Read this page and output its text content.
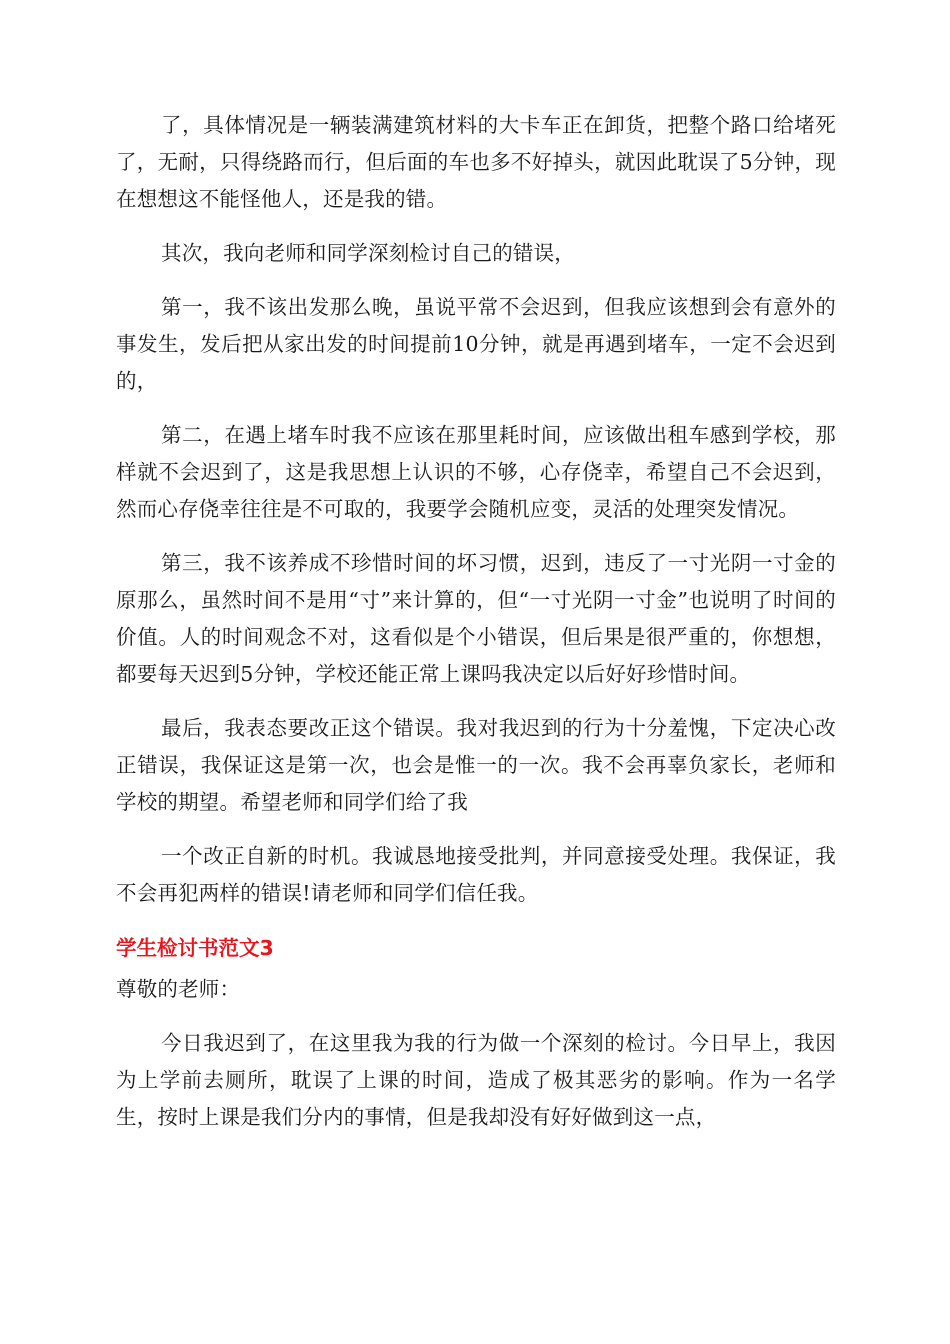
了，具体情况是一辆装满建筑材料的大卡车正在卸货，把整个路口给堵死了，无耐，只得绕路而行，但后面的车也多不好掉头，就因此耽误了5分钟，现在想想这不能怪他人，还是我的错。

其次，我向老师和同学深刻检讨自己的错误，

第一，我不该出发那么晚，虽说平常不会迟到，但我应该想到会有意外的事发生，发后把从家出发的时间提前10分钟，就是再遇到堵车，一定不会迟到的，

第二，在遇上堵车时我不应该在那里耗时间，应该做出租车感到学校，那样就不会迟到了，这是我思想上认识的不够，心存侥幸，希望自己不会迟到，然而心存侥幸往往是不可取的，我要学会随机应变，灵活的处理突发情况。

第三，我不该养成不珍惜时间的坏习惯，迟到，违反了一寸光阴一寸金的原那么，虽然时间不是用“寸”来计算的，但“一寸光阴一寸金”也说明了时间的价值。人的时间观念不对，这看似是个小错误，但后果是很严重的，你想想，都要每天迟到5分钟，学校还能正常上课吗我决定以后好好珍惜时间。

最后，我表态要改正这个错误。我对我迟到的行为十分羞愧，下定决心改正错误，我保证这是第一次，也会是惟一的一次。我不会再辜负家长，老师和学校的期望。希望老师和同学们给了我

一个改正自新的时机。我诚恳地接受批判，并同意接受处理。我保证，我不会再犯两样的错误!请老师和同学们信任我。

学生检讨书范文3

尊敬的老师：

今日我迟到了，在这里我为我的行为做一个深刻的检讨。今日早上，我因为上学前去厕所，耽误了上课的时间，造成了极其恶劣的影响。作为一名学生，按时上课是我们分内的事情，但是我却没有好好做到这一点，
